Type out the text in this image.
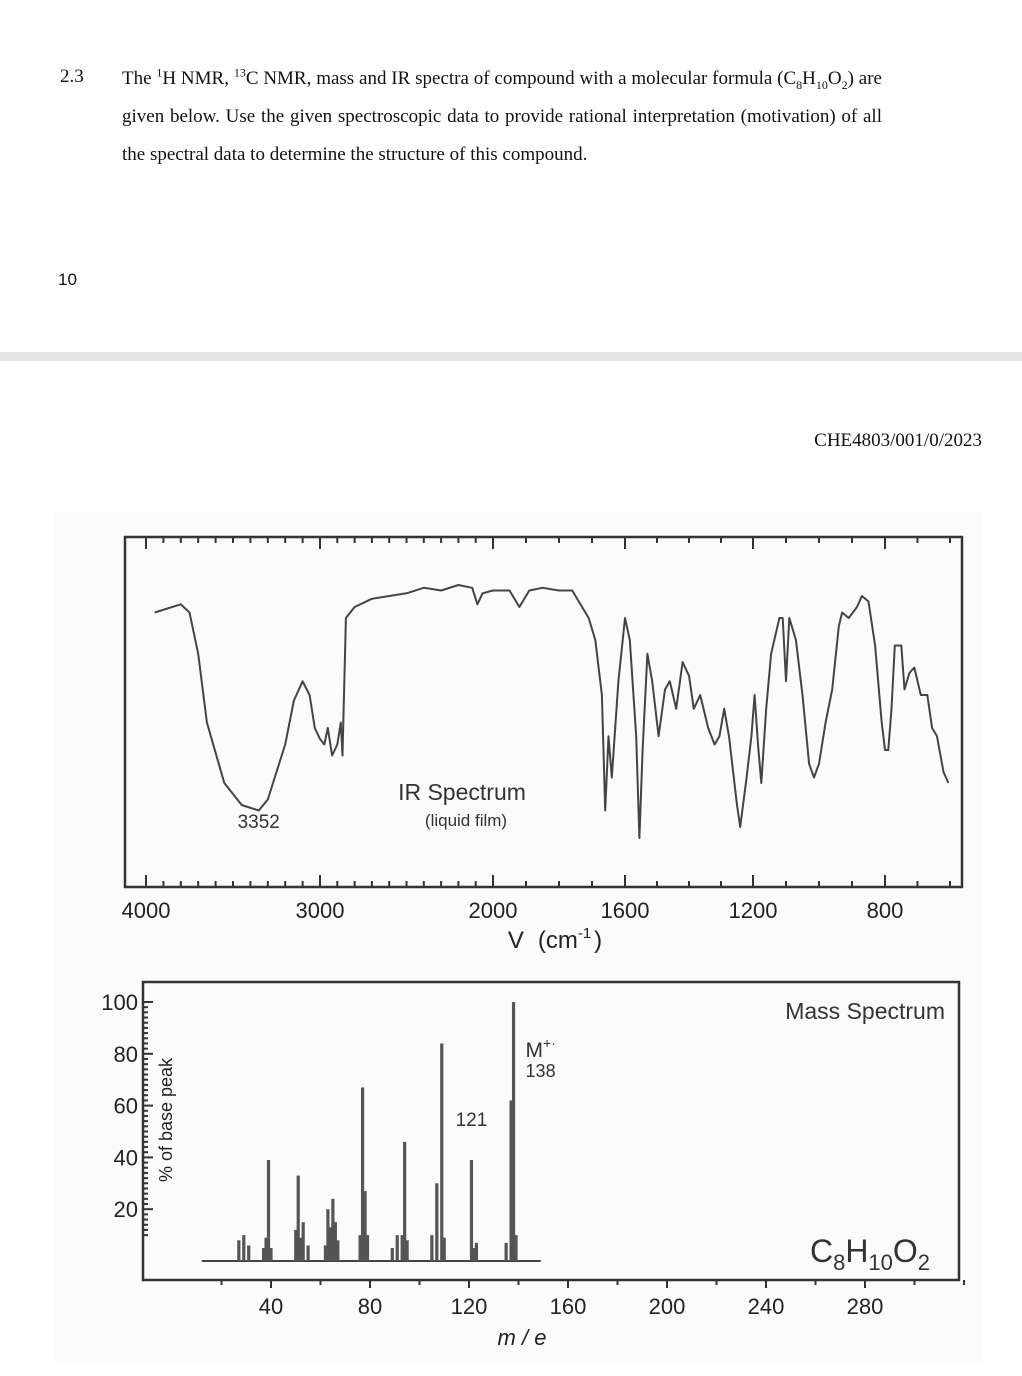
2.3 The $^1$H NMR, $^{13}$C NMR, mass and IR spectra of compound with a molecular formula $(C_8H_{10}O_2)$ are given below. Use the given spectroscopic data to provide rational interpretation (motivation) of all the spectral data to determine the structure of this compound.

10
CHE4803/001/0/2023
4000	3000	2000	1600	1200	800
3352
IR Spectrum
(liquid film)
V ($cm^{-1}$ )
100
80
60
40
20
40	80	120	160	200	240	280
% of base peak
m / e
Mass Spectrum
$C_8H_{10}O_2$
M+·
138
121
